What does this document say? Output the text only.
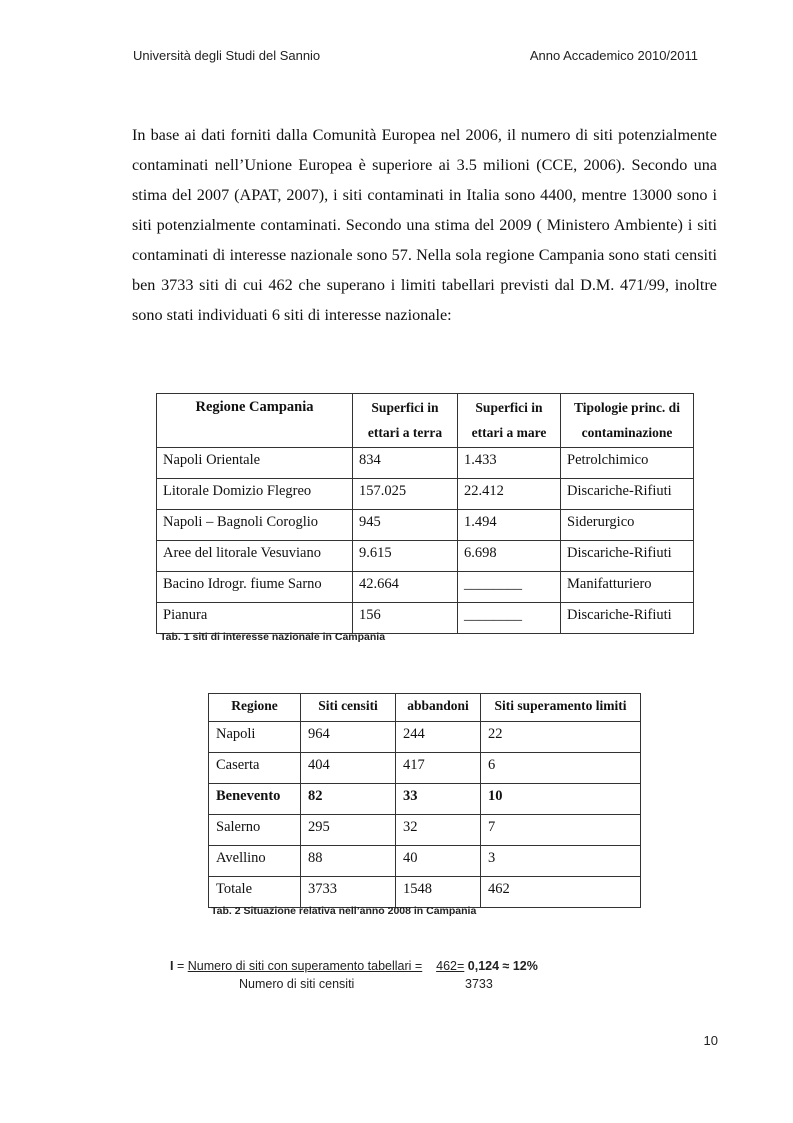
Università degli Studi del Sannio	Anno Accademico 2010/2011
In base ai dati forniti dalla Comunità Europea nel 2006, il numero di siti potenzialmente contaminati nell’Unione Europea è superiore ai 3.5 milioni (CCE, 2006). Secondo una stima del 2007 (APAT, 2007), i siti contaminati in Italia sono 4400, mentre 13000 sono i siti potenzialmente contaminati. Secondo una stima del 2009 ( Ministero Ambiente) i siti contaminati di interesse nazionale sono 57. Nella sola regione Campania sono stati censiti ben 3733 siti di cui 462 che superano i limiti tabellari previsti dal D.M. 471/99, inoltre sono stati individuati 6 siti di interesse nazionale:
Regione Campania	Superfici in ettari a terra	Superfici in ettari a mare	Tipologie princ. di contaminazione
Napoli Orientale	834	1.433	Petrolchimico
Litorale Domizio Flegreo	157.025	22.412	Discariche-Rifiuti
Napoli – Bagnoli Coroglio	945	1.494	Siderurgico
Aree del litorale Vesuviano	9.615	6.698	Discariche-Rifiuti
Bacino Idrogr. fiume Sarno	42.664	________	Manifatturiero
Pianura	156	________	Discariche-Rifiuti
Tab. 1 siti di interesse nazionale in Campania
Regione	Siti censiti	abbandoni	Siti superamento limiti
Napoli	964	244	22
Caserta	404	417	6
Benevento	82	33	10
Salerno	295	32	7
Avellino	88	40	3
Totale	3733	1548	462
Tab. 2 Situazione relativa nell’anno 2008 in Campania
I = Numero di siti con superamento tabellari = 462= 0,124 ≈ 12%
Numero di siti censiti	3733
10
